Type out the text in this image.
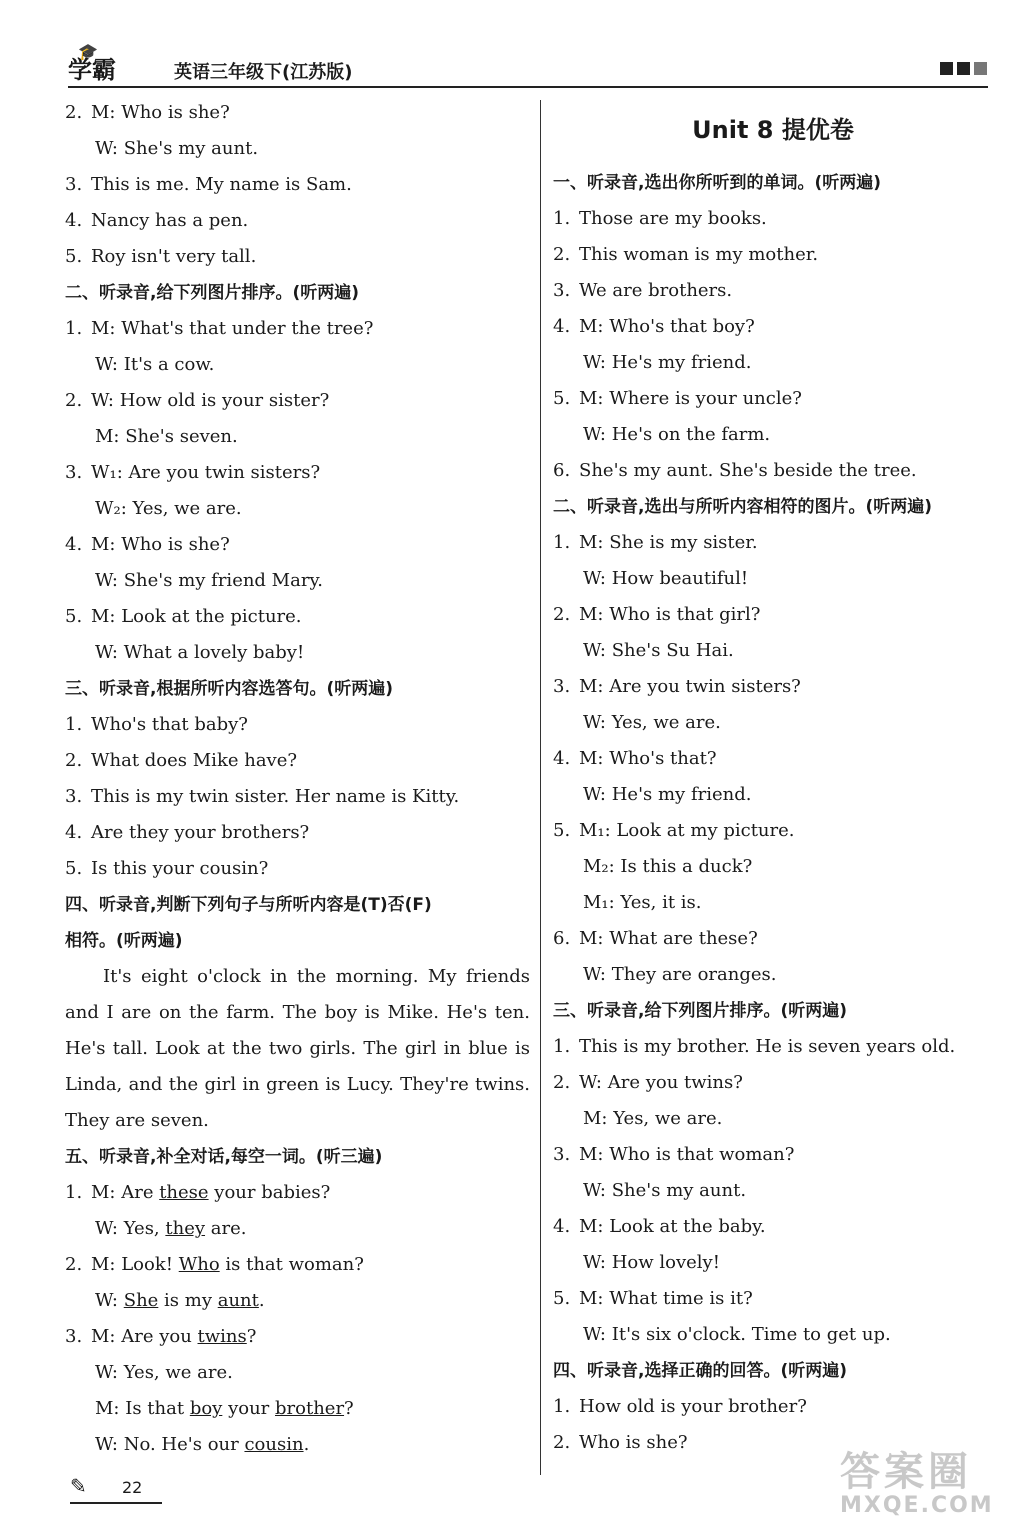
🎓
学霸	英语三年级下(江苏版)
2. M: Who is she?
W: She's my aunt.
3. This is me. My name is Sam.
4. Nancy has a pen.
5. Roy isn't very tall.
二、听录音,给下列图片排序。(听两遍)
1. M: What's that under the tree?
W: It's a cow.
2. W: How old is your sister?
M: She's seven.
3. W₁: Are you twin sisters?
W₂: Yes, we are.
4. M: Who is she?
W: She's my friend Mary.
5. M: Look at the picture.
W: What a lovely baby!
三、听录音,根据所听内容选答句。(听两遍)
1. Who's that baby?
2. What does Mike have?
3. This is my twin sister. Her name is Kitty.
4. Are they your brothers?
5. Is this your cousin?
四、听录音,判断下列句子与所听内容是(T)否(F)
相符。(听两遍)

It's eight o'clock in the morning. My friends and I are on the farm. The boy is Mike. He's ten. He's tall. Look at the two girls. The girl in blue is Linda, and the girl in green is Lucy. They're twins. They are seven.

五、听录音,补全对话,每空一词。(听三遍)
1. M: Are these your babies?
W: Yes, they are.
2. M: Look! Who is that woman?
W: She is my aunt.
3. M: Are you twins?
W: Yes, we are.
M: Is that boy your brother?
W: No. He's our cousin.
Unit 8 提优卷
一、听录音,选出你所听到的单词。(听两遍)
1. Those are my books.
2. This woman is my mother.
3. We are brothers.
4. M: Who's that boy?
W: He's my friend.
5. M: Where is your uncle?
W: He's on the farm.
6. She's my aunt. She's beside the tree.
二、听录音,选出与所听内容相符的图片。(听两遍)
1. M: She is my sister.
W: How beautiful!
2. M: Who is that girl?
W: She's Su Hai.
3. M: Are you twin sisters?
W: Yes, we are.
4. M: Who's that?
W: He's my friend.
5. M₁: Look at my picture.
M₂: Is this a duck?
M₁: Yes, it is.
6. M: What are these?
W: They are oranges.
三、听录音,给下列图片排序。(听两遍)
1. This is my brother. He is seven years old.
2. W: Are you twins?
M: Yes, we are.
3. M: Who is that woman?
W: She's my aunt.
4. M: Look at the baby.
W: How lovely!
5. M: What time is it?
W: It's six o'clock. Time to get up.
四、听录音,选择正确的回答。(听两遍)
1. How old is your brother?
2. Who is she?
✎ 22	答案圈
MXQE.COM
